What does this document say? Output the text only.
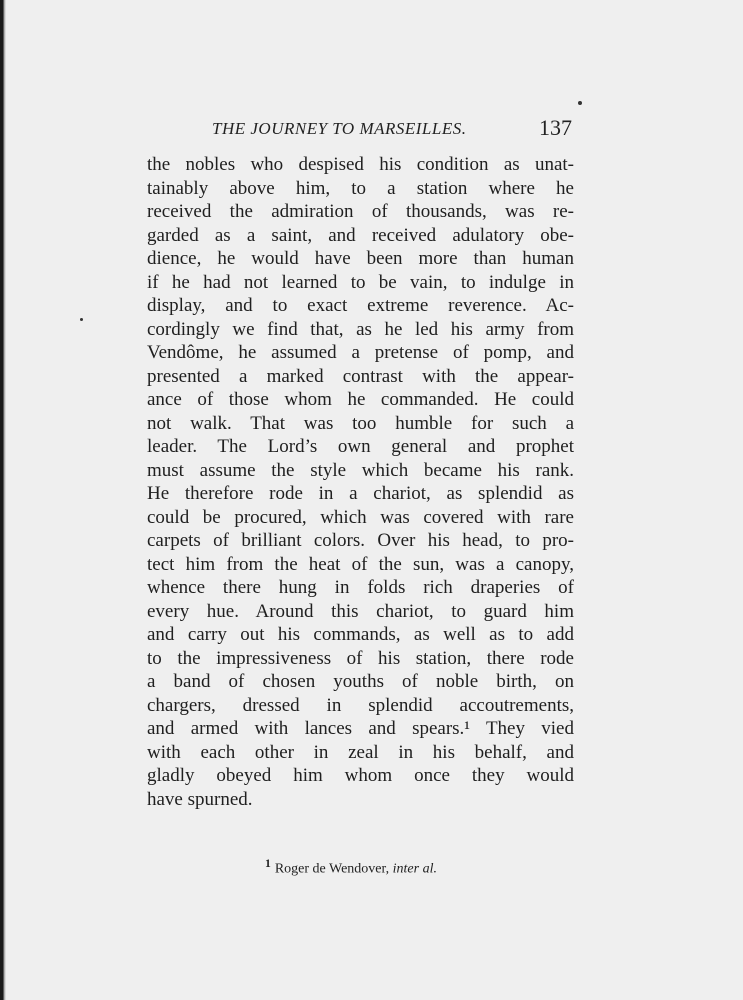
THE JOURNEY TO MARSEILLES.	137
the nobles who despised his condition as unat-
tainably above him, to a station where he
received the admiration of thousands, was re-
garded as a saint, and received adulatory obe-
dience, he would have been more than human
if he had not learned to be vain, to indulge in
display, and to exact extreme reverence. Ac-
cordingly we find that, as he led his army from
Vendôme, he assumed a pretense of pomp, and
presented a marked contrast with the appear-
ance of those whom he commanded. He could
not walk. That was too humble for such a
leader. The Lord’s own general and prophet
must assume the style which became his rank.
He therefore rode in a chariot, as splendid as
could be procured, which was covered with rare
carpets of brilliant colors. Over his head, to pro-
tect him from the heat of the sun, was a canopy,
whence there hung in folds rich draperies of
every hue. Around this chariot, to guard him
and carry out his commands, as well as to add
to the impressiveness of his station, there rode
a band of chosen youths of noble birth, on
chargers, dressed in splendid accoutrements,
and armed with lances and spears.¹ They vied
with each other in zeal in his behalf, and
gladly obeyed him whom once they would
have spurned.
$^1$ Roger de Wendover, inter al.
